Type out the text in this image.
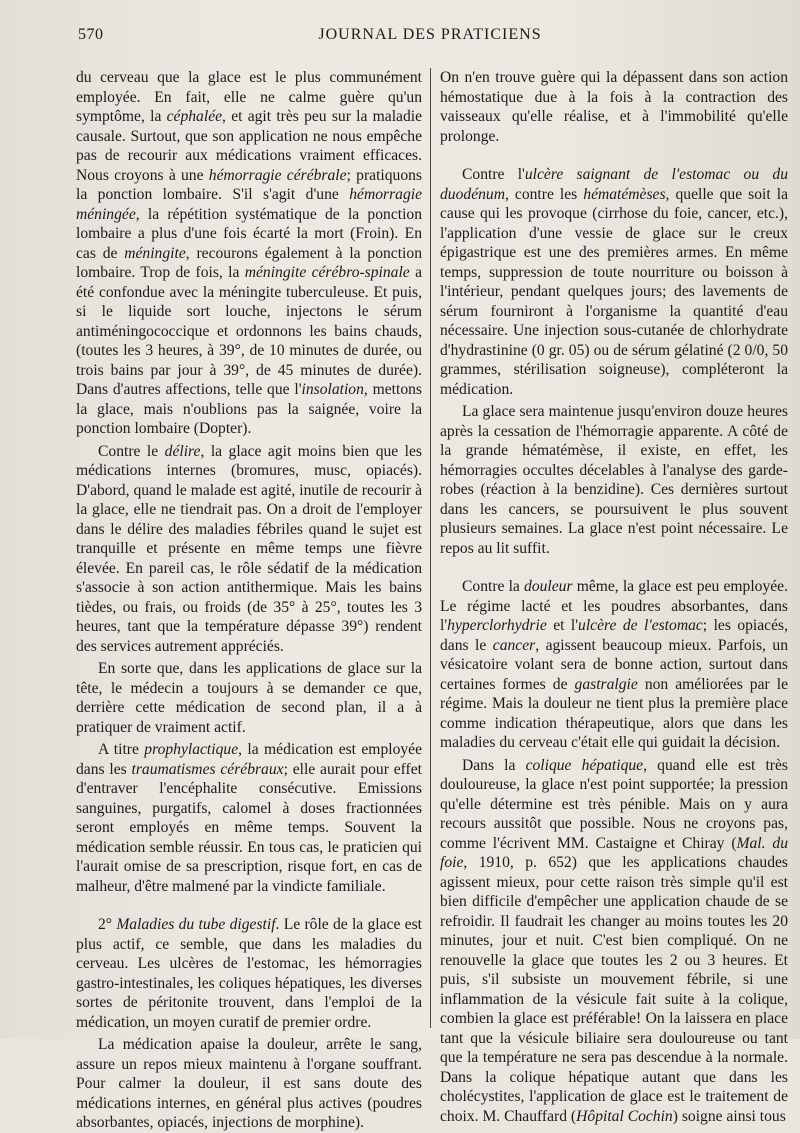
570	JOURNAL DES PRATICIENS

du cerveau que la glace est le plus communément employée. En fait, elle ne calme guère qu'un symptôme, la céphalée, et agit très peu sur la maladie causale. Surtout, que son application ne nous empêche pas de recourir aux médications vraiment efficaces. Nous croyons à une hémorragie cérébrale; pratiquons la ponction lombaire. S'il s'agit d'une hémorragie méningée, la répétition systématique de la ponction lombaire a plus d'une fois écarté la mort (Froin). En cas de méningite, recourons également à la ponction lombaire. Trop de fois, la méningite cérébro-spinale a été confondue avec la méningite tuberculeuse. Et puis, si le liquide sort louche, injectons le sérum antiméningococcique et ordonnons les bains chauds, (toutes les 3 heures, à 39°, de 10 minutes de durée, ou trois bains par jour à 39°, de 45 minutes de durée). Dans d'autres affections, telle que l'insolation, mettons la glace, mais n'oublions pas la saignée, voire la ponction lombaire (Dopter).

Contre le délire, la glace agit moins bien que les médications internes (bromures, musc, opiacés). D'abord, quand le malade est agité, inutile de recourir à la glace, elle ne tiendrait pas. On a droit de l'employer dans le délire des maladies fébriles quand le sujet est tranquille et présente en même temps une fièvre élevée. En pareil cas, le rôle sédatif de la médication s'associe à son action antithermique. Mais les bains tièdes, ou frais, ou froids (de 35° à 25°, toutes les 3 heures, tant que la température dépasse 39°) rendent des services autrement appréciés.

En sorte que, dans les applications de glace sur la tête, le médecin a toujours à se demander ce que, derrière cette médication de second plan, il a à pratiquer de vraiment actif.

A titre prophylactique, la médication est employée dans les traumatismes cérébraux; elle aurait pour effet d'entraver l'encéphalite consécutive. Emissions sanguines, purgatifs, calomel à doses fractionnées seront employés en même temps. Souvent la médication semble réussir. En tous cas, le praticien qui l'aurait omise de sa prescription, risque fort, en cas de malheur, d'être malmené par la vindicte familiale.

2° Maladies du tube digestif. Le rôle de la glace est plus actif, ce semble, que dans les maladies du cerveau. Les ulcères de l'estomac, les hémorragies gastro-intestinales, les coliques hépatiques, les diverses sortes de péritonite trouvent, dans l'emploi de la médication, un moyen curatif de premier ordre.

La médication apaise la douleur, arrête le sang, assure un repos mieux maintenu à l'organe souffrant. Pour calmer la douleur, il est sans doute des médications internes, en général plus actives (poudres absorbantes, opiacés, injections de morphine).

On n'en trouve guère qui la dépassent dans son action hémostatique due à la fois à la contraction des vaisseaux qu'elle réalise, et à l'immobilité qu'elle prolonge.

Contre l'ulcère saignant de l'estomac ou du duodénum, contre les hématémèses, quelle que soit la cause qui les provoque (cirrhose du foie, cancer, etc.), l'application d'une vessie de glace sur le creux épigastrique est une des premières armes. En même temps, suppression de toute nourriture ou boisson à l'intérieur, pendant quelques jours; des lavements de sérum fourniront à l'organisme la quantité d'eau nécessaire. Une injection sous-cutanée de chlorhydrate d'hydrastinine (0 gr. 05) ou de sérum gélatiné (2 0/0, 50 grammes, stérilisation soigneuse), compléteront la médication.

La glace sera maintenue jusqu'environ douze heures après la cessation de l'hémorragie apparente. A côté de la grande hématémèse, il existe, en effet, les hémorragies occultes décelables à l'analyse des garde-robes (réaction à la benzidine). Ces dernières surtout dans les cancers, se poursuivent le plus souvent plusieurs semaines. La glace n'est point nécessaire. Le repos au lit suffit.

Contre la douleur même, la glace est peu employée. Le régime lacté et les poudres absorbantes, dans l'hyperclorhydrie et l'ulcère de l'estomac; les opiacés, dans le cancer, agissent beaucoup mieux. Parfois, un vésicatoire volant sera de bonne action, surtout dans certaines formes de gastralgie non améliorées par le régime. Mais la douleur ne tient plus la première place comme indication thérapeutique, alors que dans les maladies du cerveau c'était elle qui guidait la décision.

Dans la colique hépatique, quand elle est très douloureuse, la glace n'est point supportée; la pression qu'elle détermine est très pénible. Mais on y aura recours aussitôt que possible. Nous ne croyons pas, comme l'écrivent MM. Castaigne et Chiray (Mal. du foie, 1910, p. 652) que les applications chaudes agissent mieux, pour cette raison très simple qu'il est bien difficile d'empêcher une application chaude de se refroidir. Il faudrait les changer au moins toutes les 20 minutes, jour et nuit. C'est bien compliqué. On ne renouvelle la glace que toutes les 2 ou 3 heures. Et puis, s'il subsiste un mouvement fébrile, si une inflammation de la vésicule fait suite à la colique, combien la glace est préférable! On la laissera en place tant que la vésicule biliaire sera douloureuse ou tant que la température ne sera pas descendue à la normale. Dans la colique hépatique autant que dans les cholécystites, l'application de glace est le traitement de choix. M. Chauffard (Hôpital Cochin) soigne ainsi tous
